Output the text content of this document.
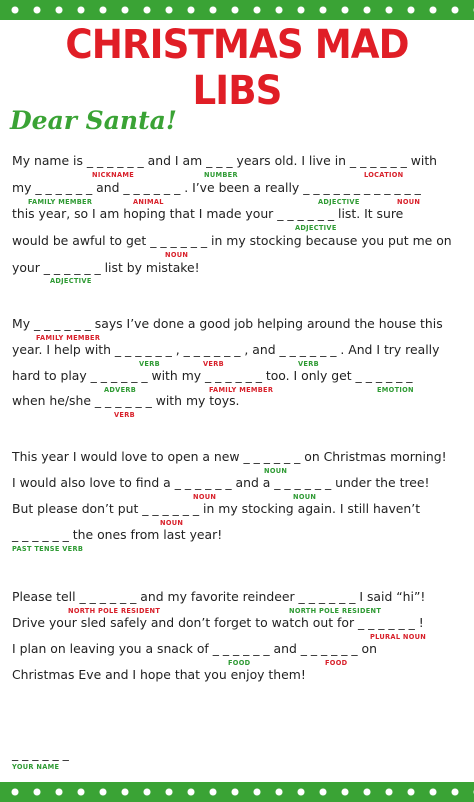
CHRISTMAS MAD LIBS
Dear Santa!
My name is _ _ _ _ _ _ and I am _ _ _ years old. I live in _ _ _ _ _ _ with
NICKNAME	NUMBER	LOCATION
my _ _ _ _ _ _ and _ _ _ _ _ _ . I’ve been a really _ _ _ _ _ _ _ _ _ _ _ _
FAMILY MEMBER	ANIMAL	ADJECTIVE	NOUN
this year, so I am hoping that I made your _ _ _ _ _ _ list. It sure
ADJECTIVE
would be awful to get _ _ _ _ _ _ in my stocking because you put me on
NOUN
your _ _ _ _ _ _ list by mistake!
ADJECTIVE
My _ _ _ _ _ _ says I’ve done a good job helping around the house this
FAMILY MEMBER
year. I help with _ _ _ _ _ _ , _ _ _ _ _ _ , and _ _ _ _ _ _ . And I try really
VERB	VERB	VERB
hard to play _ _ _ _ _ _ with my _ _ _ _ _ _ too. I only get _ _ _ _ _ _
ADVERB	FAMILY MEMBER	EMOTION
when he/she _ _ _ _ _ _ with my toys.
VERB
This year I would love to open a new _ _ _ _ _ _ on Christmas morning!
NOUN
I would also love to find a _ _ _ _ _ _ and a _ _ _ _ _ _ under the tree!
NOUN	NOUN
But please don’t put _ _ _ _ _ _ in my stocking again. I still haven’t
NOUN
_ _ _ _ _ _ the ones from last year!
PAST TENSE VERB
Please tell _ _ _ _ _ _ and my favorite reindeer _ _ _ _ _ _ I said “hi”!
NORTH POLE RESIDENT	NORTH POLE RESIDENT
Drive your sled safely and don’t forget to watch out for _ _ _ _ _ _ !
PLURAL NOUN
I plan on leaving you a snack of _ _ _ _ _ _ and _ _ _ _ _ _ on
FOOD	FOOD
Christmas Eve and I hope that you enjoy them!
_ _ _ _ _ _
YOUR NAME
